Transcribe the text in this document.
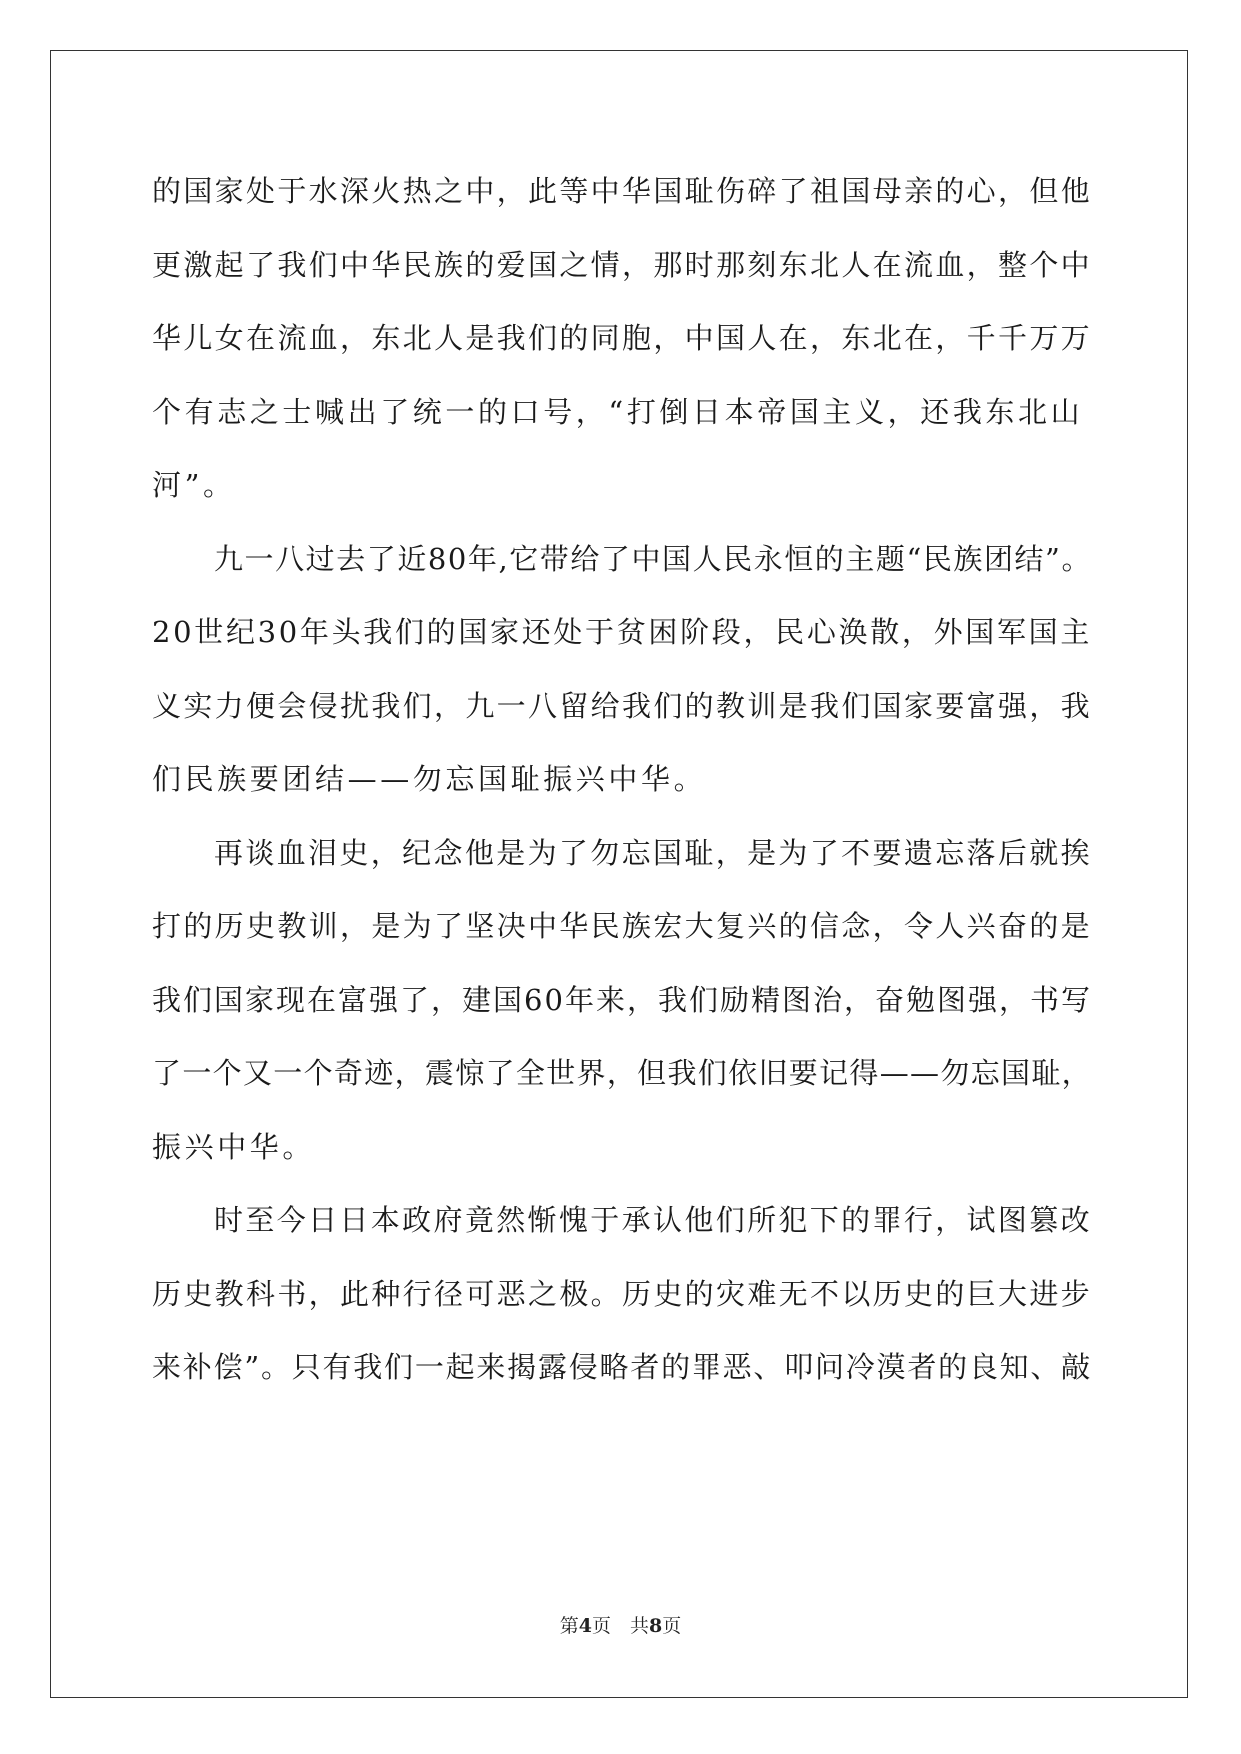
的国家处于水深火热之中，此等中华国耻伤碎了祖国母亲的心，但他
更激起了我们中华民族的爱国之情，那时那刻东北人在流血，整个中
华儿女在流血，东北人是我们的同胞，中国人在，东北在，千千万万
个有志之士喊出了统一的口号，“打倒日本帝国主义，还我东北山
河”。

九一八过去了近80年,它带给了中国人民永恒的主题“民族团结”。
20世纪30年头我们的国家还处于贫困阶段，民心涣散，外国军国主
义实力便会侵扰我们，九一八留给我们的教训是我们国家要富强，我
们民族要团结——勿忘国耻振兴中华。

再谈血泪史，纪念他是为了勿忘国耻，是为了不要遗忘落后就挨
打的历史教训，是为了坚决中华民族宏大复兴的信念，令人兴奋的是
我们国家现在富强了，建国60年来，我们励精图治，奋勉图强，书写
了一个又一个奇迹，震惊了全世界，但我们依旧要记得——勿忘国耻，
振兴中华。

时至今日日本政府竟然惭愧于承认他们所犯下的罪行，试图篡改
历史教科书，此种行径可恶之极。历史的灾难无不以历史的巨大进步
来补偿”。只有我们一起来揭露侵略者的罪恶、叩问冷漠者的良知、敲

第4页　共8页
